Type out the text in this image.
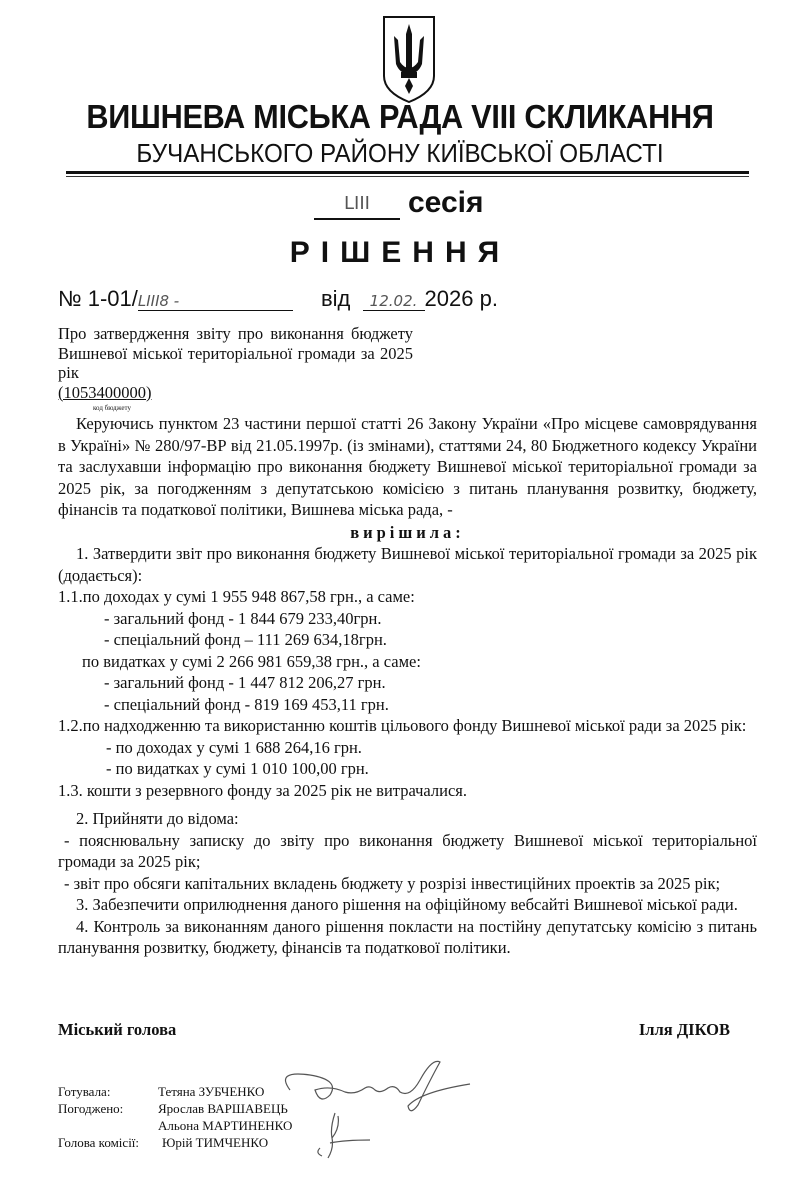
ВИШНЕВА МІСЬКА РАДА VIII СКЛИКАННЯ
БУЧАНСЬКОГО РАЙОНУ КИЇВСЬКОЇ ОБЛАСТІ
LIII сесія
РІШЕННЯ
№ 1-01/LIII8 -	від 12.02. 2026 р.
Про затвердження звіту про виконання бюджету Вишневої міської територіальної громади за 2025 рік
(1053400000)
код бюджету
Керуючись пунктом 23 частини першої статті 26 Закону України «Про місцеве самоврядування в Україні» № 280/97-ВР від 21.05.1997р. (із змінами), статтями 24, 80 Бюджетного кодексу України та заслухавши інформацію про виконання бюджету Вишневої міської територіальної громади за 2025 рік, за погодженням з депутатською комісією з питань планування розвитку, бюджету, фінансів та податкової політики, Вишнева міська рада, -
вирішила:
1. Затвердити звіт про виконання бюджету Вишневої міської територіальної громади за 2025 рік (додається):
1.1.по доходах у сумі 1 955 948 867,58 грн., а саме:
- загальний фонд - 1 844 679 233,40грн.
- спеціальний фонд – 111 269 634,18грн.
по видатках у сумі 2 266 981 659,38 грн., а саме:
- загальний фонд - 1 447 812 206,27 грн.
- спеціальний фонд - 819 169 453,11 грн.
1.2.по надходженню та використанню коштів цільового фонду Вишневої міської ради за 2025 рік:
- по доходах у сумі 1 688 264,16 грн.
- по видатках у сумі 1 010 100,00 грн.
1.3. кошти з резервного фонду за 2025 рік не витрачалися.
2. Прийняти до відома:
- пояснювальну записку до звіту про виконання бюджету Вишневої міської територіальної громади за 2025 рік;
- звіт про обсяги капітальних вкладень бюджету у розрізі інвестиційних проектів за 2025 рік;
3. Забезпечити оприлюднення даного рішення на офіційному вебсайті Вишневої міської ради.
4. Контроль за виконанням даного рішення покласти на постійну депутатську комісію з питань планування розвитку, бюджету, фінансів та податкової політики.
Міський голова	Ілля ДІКОВ
Готувала:	Тетяна ЗУБЧЕНКО
Погоджено:	Ярослав ВАРШАВЕЦЬ
Альона МАРТИНЕНКО
Голова комісії: Юрій ТИМЧЕНКО
